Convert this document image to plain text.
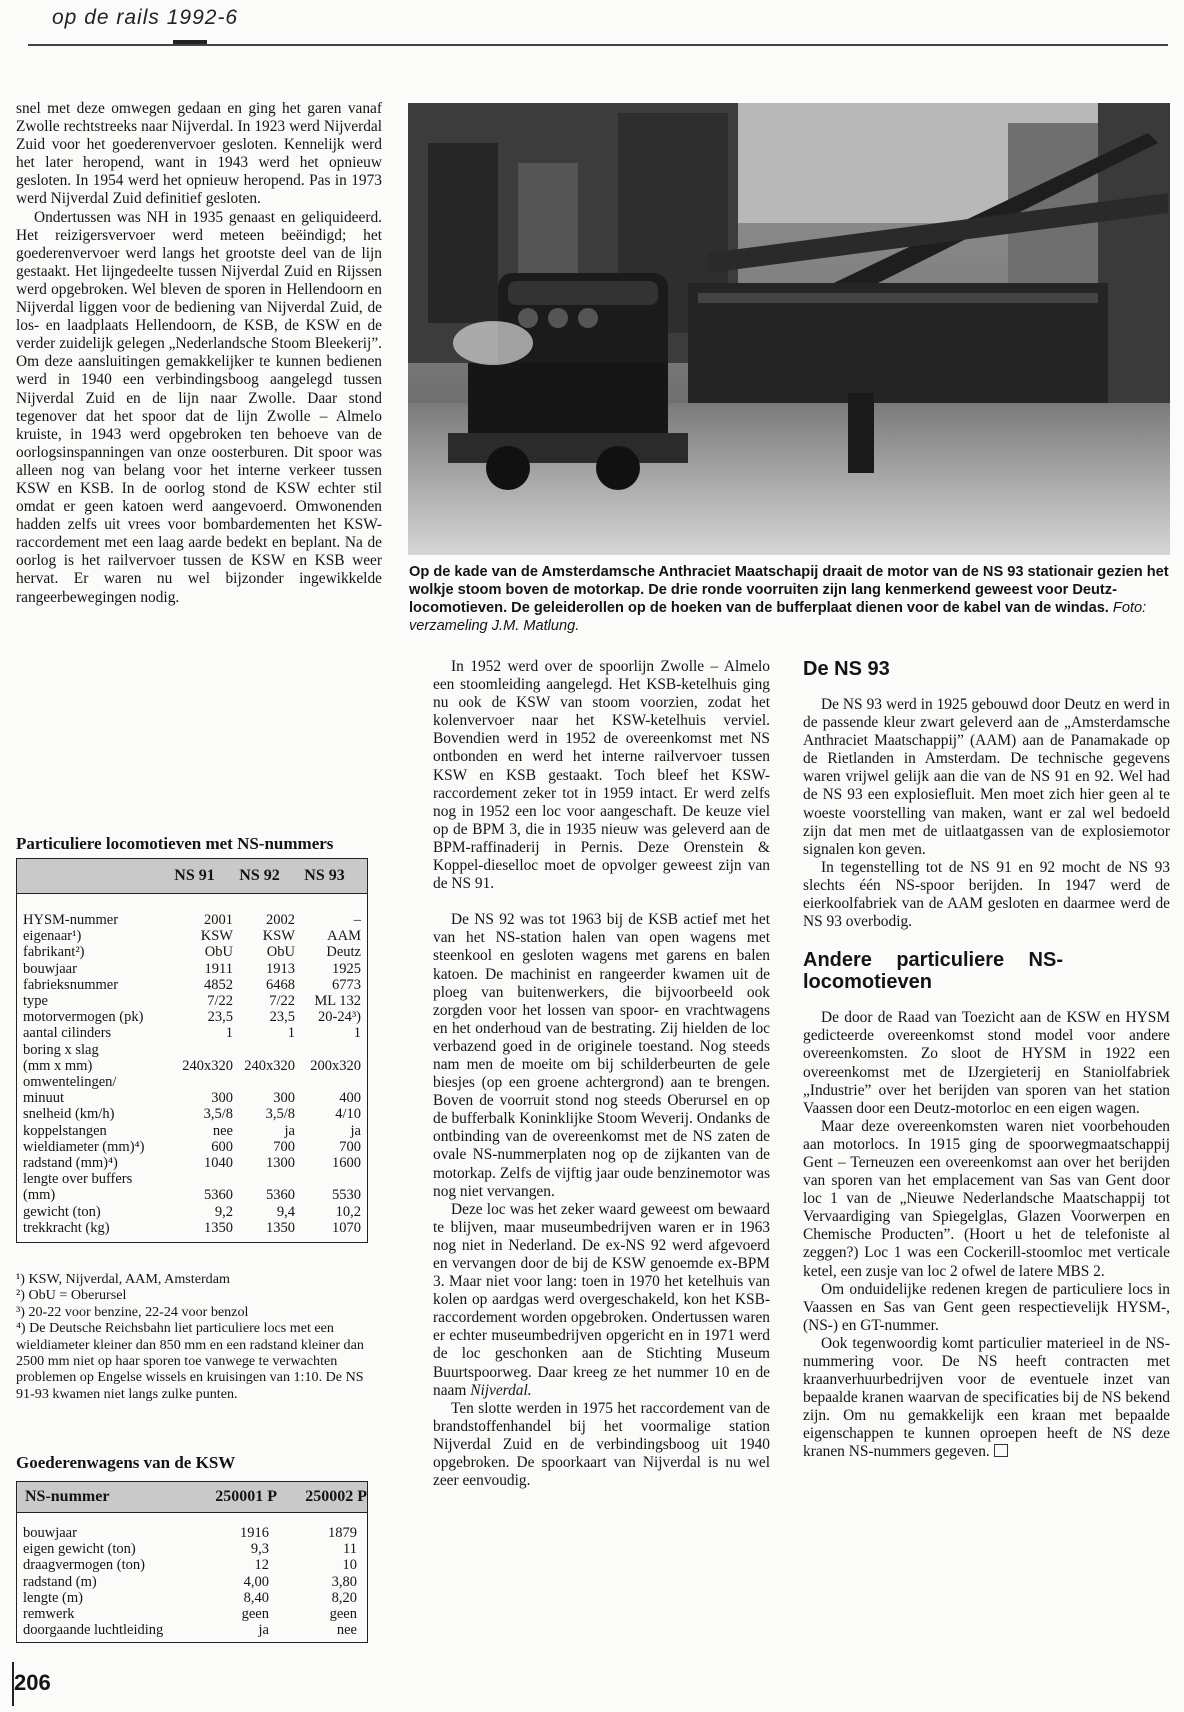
op de rails 1992-6

snel met deze omwegen gedaan en ging het garen vanaf Zwolle rechtstreeks naar Nijverdal. In 1923 werd Nijverdal Zuid voor het goederenvervoer gesloten. Kennelijk werd het later heropend, want in 1943 werd het opnieuw gesloten. In 1954 werd het opnieuw heropend. Pas in 1973 werd Nijverdal Zuid definitief gesloten.

Ondertussen was NH in 1935 genaast en geliquideerd. Het reizigersvervoer werd meteen beëindigd; het goederenvervoer werd langs het grootste deel van de lijn gestaakt. Het lijngedeelte tussen Nijverdal Zuid en Rijssen werd opgebroken. Wel bleven de sporen in Hellendoorn en Nijverdal liggen voor de bediening van Nijverdal Zuid, de los- en laadplaats Hellendoorn, de KSB, de KSW en de verder zuidelijk gelegen „Nederlandsche Stoom Bleekerij”. Om deze aansluitingen gemakkelijker te kunnen bedienen werd in 1940 een verbindingsboog aangelegd tussen Nijverdal Zuid en de lijn naar Zwolle. Daar stond tegenover dat het spoor dat de lijn Zwolle – Almelo kruiste, in 1943 werd opgebroken ten behoeve van de oorlogsinspanningen van onze oosterburen. Dit spoor was alleen nog van belang voor het interne verkeer tussen KSW en KSB. In de oorlog stond de KSW echter stil omdat er geen katoen werd aangevoerd. Omwonenden hadden zelfs uit vrees voor bombardementen het KSW-raccordement met een laag aarde bedekt en beplant. Na de oorlog is het railvervoer tussen de KSW en KSB weer hervat. Er waren nu wel bijzonder ingewikkelde rangeerbewegingen nodig.

Op de kade van de Amsterdamsche Anthraciet Maatschapij draait de motor van de NS 93 stationair gezien het wolkje stoom boven de motorkap. De drie ronde voorruiten zijn lang kenmerkend geweest voor Deutz-locomotieven. De geleiderollen op de hoeken van de bufferplaat dienen voor de kabel van de windas. Foto: verzameling J.M. Matlung.
Particuliere locomotieven met NS-nummers
NS 91	NS 92	NS 93
HYSM-nummer	2001	2002	–
eigenaar¹)	KSW	KSW	AAM
fabrikant²)	ObU	ObU	Deutz
bouwjaar	1911	1913	1925
fabrieksnummer	4852	6468	6773
type	7/22	7/22	ML 132
motorvermogen (pk)	23,5	23,5	20-24³)
aantal cilinders	1	1	1
boring x slag			
(mm x mm)	240x320	240x320	200x320
omwentelingen/			
minuut	300	300	400
snelheid (km/h)	3,5/8	3,5/8	4/10
koppelstangen	nee	ja	ja
wieldiameter (mm)⁴)	600	700	700
radstand (mm)⁴)	1040	1300	1600
lengte over buffers			
(mm)	5360	5360	5530
gewicht (ton)	9,2	9,4	10,2
trekkracht (kg)	1350	1350	1070

¹) KSW, Nijverdal, AAM, Amsterdam

²) ObU = Oberursel

³) 20-22 voor benzine, 22-24 voor benzol

⁴) De Deutsche Reichsbahn liet particuliere locs met een wieldiameter kleiner dan 850 mm en een radstand kleiner dan 2500 mm niet op haar sporen toe vanwege te verwachten problemen op Engelse wissels en kruisingen van 1:10. De NS 91-93 kwamen niet langs zulke punten.

Goederenwagens van de KSW
NS-nummer	250001 P	250002 P
bouwjaar	1916	1879
eigen gewicht (ton)	9,3	11
draagvermogen (ton)	12	10
radstand (m)	4,00	3,80
lengte (m)	8,40	8,20
remwerk	geen	geen
doorgaande luchtleiding	ja	nee

In 1952 werd over de spoorlijn Zwolle – Almelo een stoomleiding aangelegd. Het KSB-ketelhuis ging nu ook de KSW van stoom voorzien, zodat het kolenvervoer naar het KSW-ketelhuis verviel. Bovendien werd in 1952 de overeenkomst met NS ontbonden en werd het interne railvervoer tussen KSW en KSB gestaakt. Toch bleef het KSW-raccordement zeker tot in 1959 intact. Er werd zelfs nog in 1952 een loc voor aangeschaft. De keuze viel op de BPM 3, die in 1935 nieuw was geleverd aan de BPM-raffinaderij in Pernis. Deze Orenstein & Koppel-dieselloc moet de opvolger geweest zijn van de NS 91.

De NS 92 was tot 1963 bij de KSB actief met het van het NS-station halen van open wagens met steenkool en gesloten wagens met garens en balen katoen. De machinist en rangeerder kwamen uit de ploeg van buitenwerkers, die bijvoorbeeld ook zorgden voor het lossen van spoor- en vrachtwagens en het onderhoud van de bestrating. Zij hielden de loc verbazend goed in de originele toestand. Nog steeds nam men de moeite om bij schilderbeurten de gele biesjes (op een groene achtergrond) aan te brengen. Boven de voorruit stond nog steeds Oberursel en op de bufferbalk Koninklijke Stoom Weverij. Ondanks de ontbinding van de overeenkomst met de NS zaten de ovale NS-nummerplaten nog op de zijkanten van de motorkap. Zelfs de vijftig jaar oude benzinemotor was nog niet vervangen.

Deze loc was het zeker waard geweest om bewaard te blijven, maar museumbedrijven waren er in 1963 nog niet in Nederland. De ex-NS 92 werd afgevoerd en vervangen door de bij de KSW genoemde ex-BPM 3. Maar niet voor lang: toen in 1970 het ketelhuis van kolen op aardgas werd overgeschakeld, kon het KSB-raccordement worden opgebroken. Ondertussen waren er echter museumbedrijven opgericht en in 1971 werd de loc geschonken aan de Stichting Museum Buurtspoorweg. Daar kreeg ze het nummer 10 en de naam Nijverdal.

Ten slotte werden in 1975 het raccordement van de brandstoffenhandel bij het voormalige station Nijverdal Zuid en de verbindingsboog uit 1940 opgebroken. De spoorkaart van Nijverdal is nu wel zeer eenvoudig.

De NS 93

De NS 93 werd in 1925 gebouwd door Deutz en werd in de passende kleur zwart geleverd aan de „Amsterdamsche Anthraciet Maatschappij” (AAM) aan de Panamakade op de Rietlanden in Amsterdam. De technische gegevens waren vrijwel gelijk aan die van de NS 91 en 92. Wel had de NS 93 een explosiefluit. Men moet zich hier geen al te woeste voorstelling van maken, want er zal wel bedoeld zijn dat men met de uitlaatgassen van de explosiemotor signalen kon geven.

In tegenstelling tot de NS 91 en 92 mocht de NS 93 slechts één NS-spoor berijden. In 1947 werd de eierkoolfabriek van de AAM gesloten en daarmee werd de NS 93 overbodig.

Andere particuliere NS-locomotieven

De door de Raad van Toezicht aan de KSW en HYSM gedicteerde overeenkomst stond model voor andere overeenkomsten. Zo sloot de HYSM in 1922 een overeenkomst met de IJzergieterij en Staniolfabriek „Industrie” over het berijden van sporen van het station Vaassen door een Deutz-motorloc en een eigen wagen.

Maar deze overeenkomsten waren niet voorbehouden aan motorlocs. In 1915 ging de spoorwegmaatschappij Gent – Terneuzen een overeenkomst aan over het berijden van sporen van het emplacement van Sas van Gent door loc 1 van de „Nieuwe Nederlandsche Maatschappij tot Vervaardiging van Spiegelglas, Glazen Voorwerpen en Chemische Producten”. (Hoort u het de telefoniste al zeggen?) Loc 1 was een Cockerill-stoomloc met verticale ketel, een zusje van loc 2 ofwel de latere MBS 2.

Om onduidelijke redenen kregen de particuliere locs in Vaassen en Sas van Gent geen respectievelijk HYSM-, (NS-) en GT-nummer.

Ook tegenwoordig komt particulier materieel in de NS-nummering voor. De NS heeft contracten met kraanverhuurbedrijven voor de eventuele inzet van bepaalde kranen waarvan de specificaties bij de NS bekend zijn. Om nu gemakkelijk een kraan met bepaalde eigenschappen te kunnen oproepen heeft de NS deze kranen NS-nummers gegeven.

206
